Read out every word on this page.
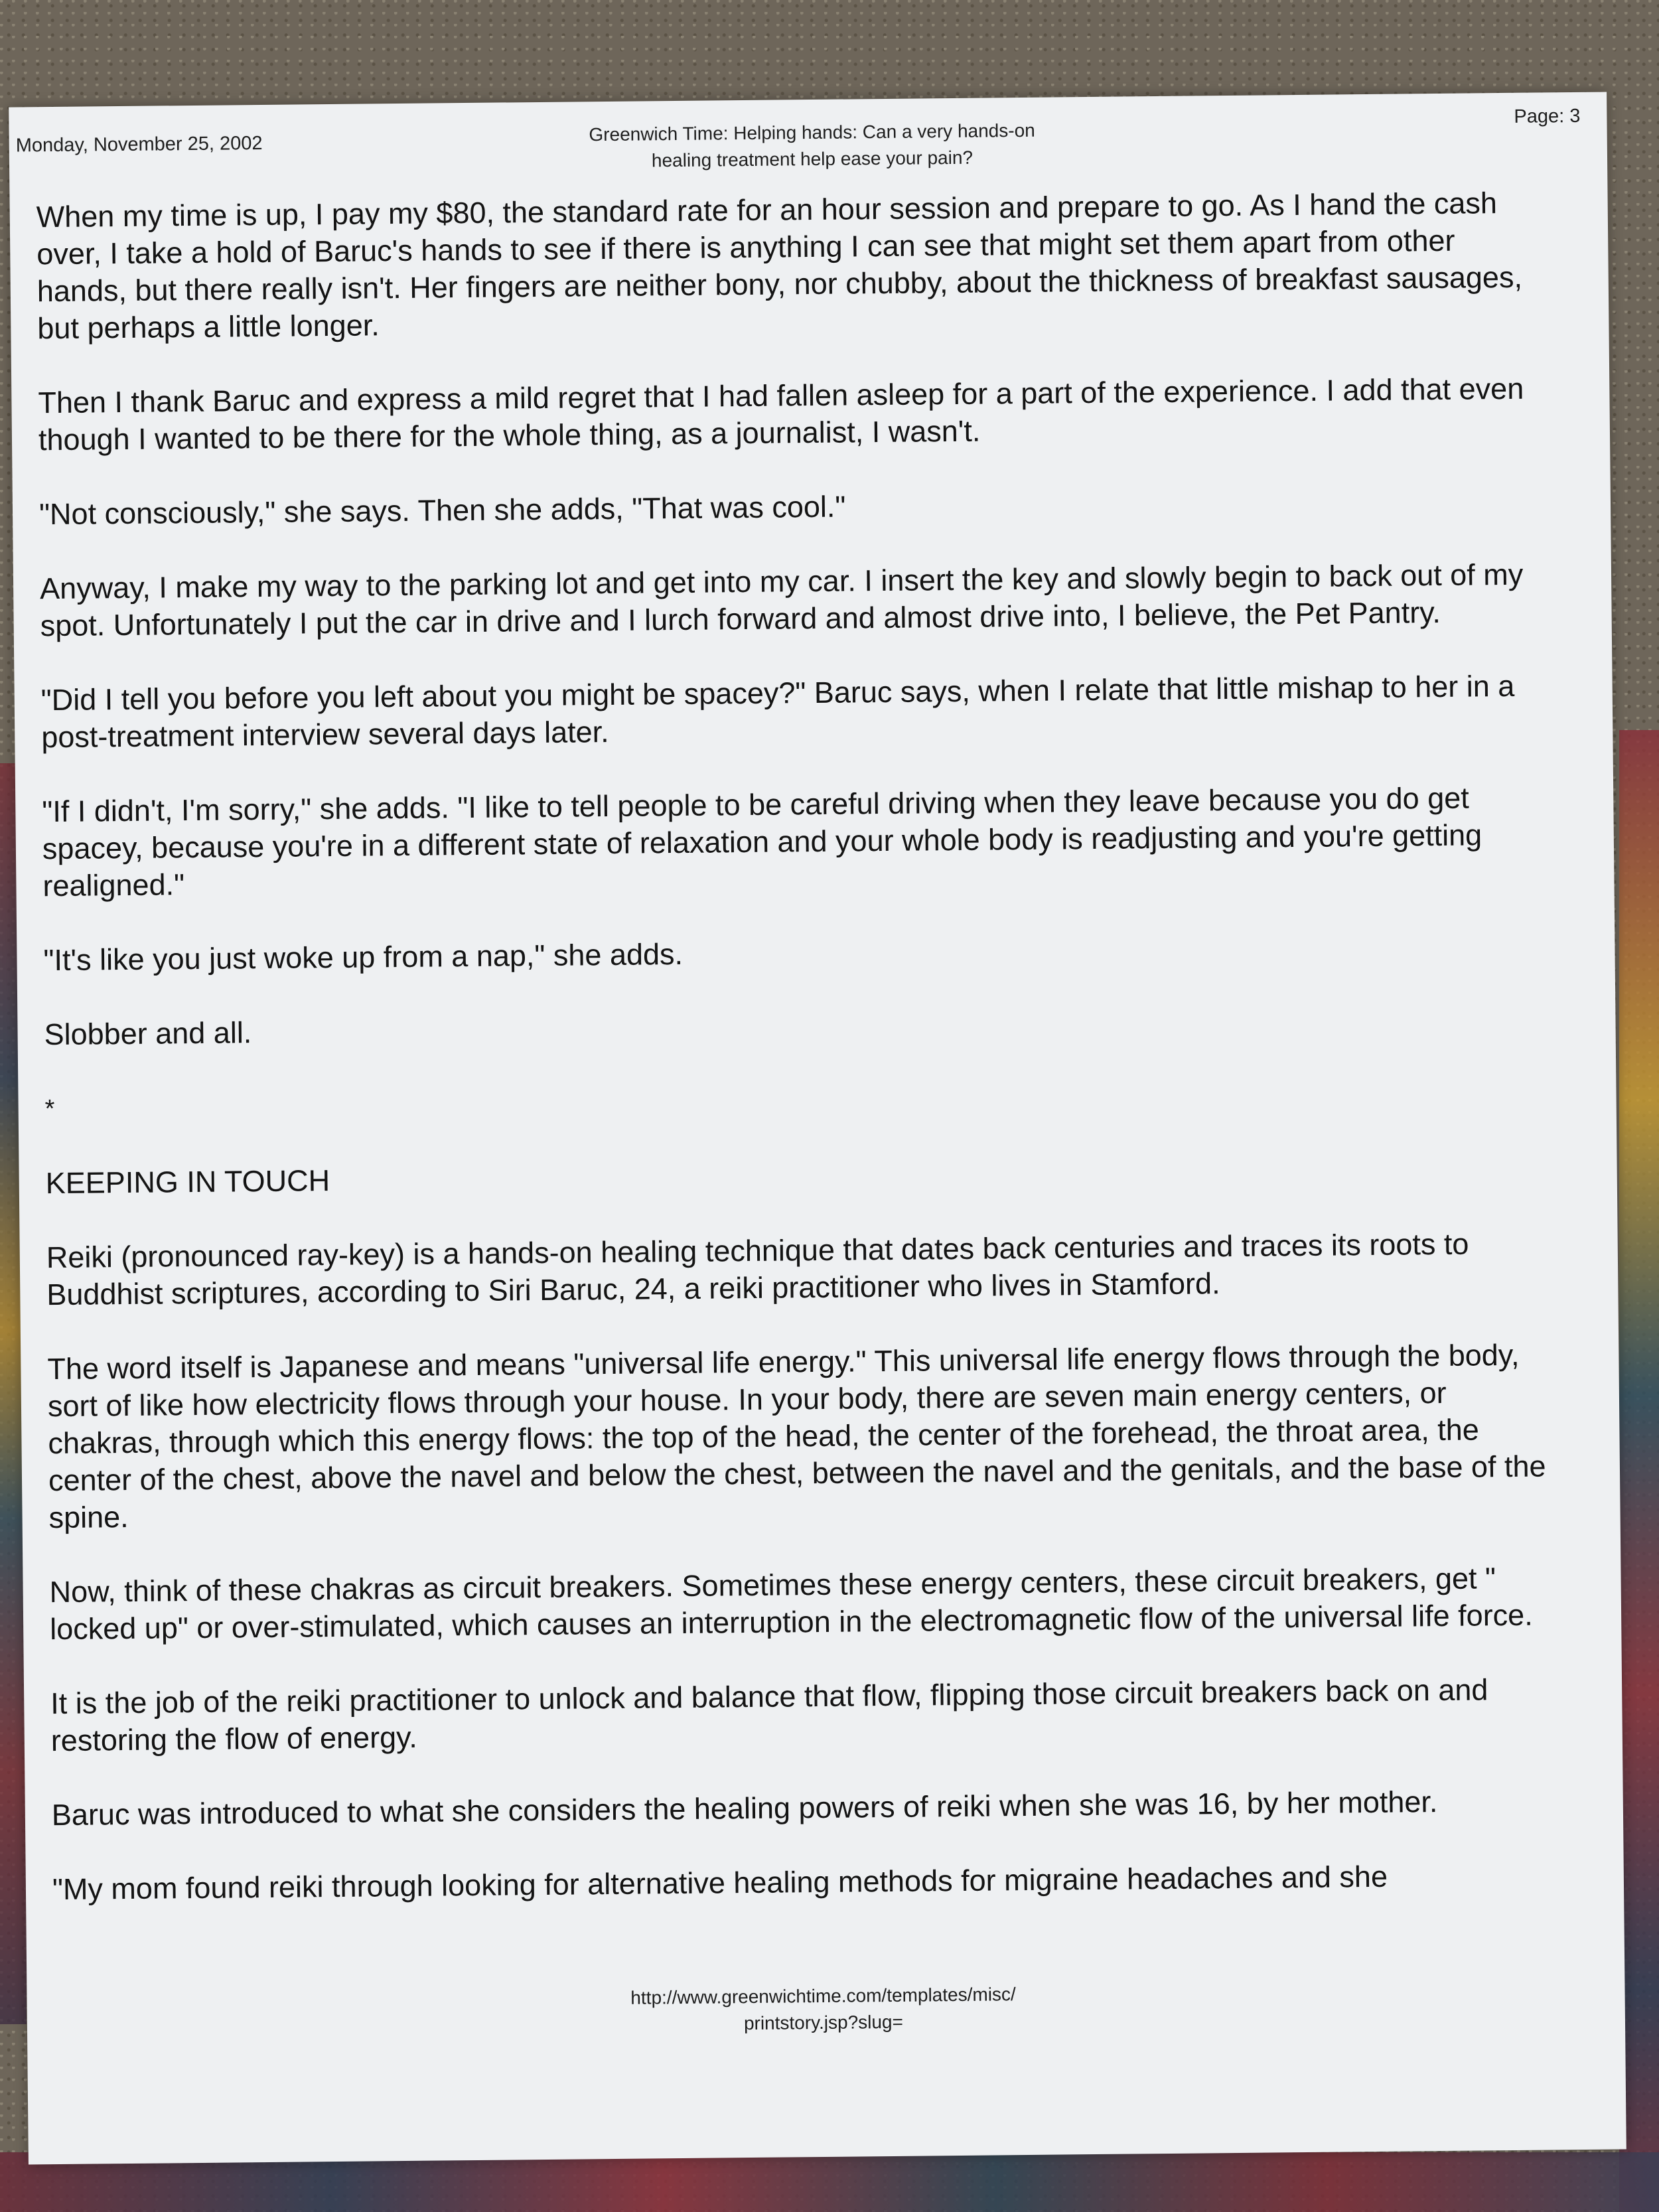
Monday, November 25, 2002	Greenwich Time: Helping hands: Can a very hands-on
healing treatment help ease your pain?
Page: 3

When my time is up, I pay my $80, the standard rate for an hour session and prepare to go. As I hand the cash over, I take a hold of Baruc's hands to see if there is anything I can see that might set them apart from other hands, but there really isn't. Her fingers are neither bony, nor chubby, about the thickness of breakfast sausages, but perhaps a little longer.

Then I thank Baruc and express a mild regret that I had fallen asleep for a part of the experience. I add that even though I wanted to be there for the whole thing, as a journalist, I wasn't.

"Not consciously," she says. Then she adds, "That was cool."

Anyway, I make my way to the parking lot and get into my car. I insert the key and slowly begin to back out of my spot. Unfortunately I put the car in drive and I lurch forward and almost drive into, I believe, the Pet Pantry.

"Did I tell you before you left about you might be spacey?" Baruc says, when I relate that little mishap to her in a post-treatment interview several days later.

"If I didn't, I'm sorry," she adds. "I like to tell people to be careful driving when they leave because you do get spacey, because you're in a different state of relaxation and your whole body is readjusting and you're getting realigned."

"It's like you just woke up from a nap," she adds.

Slobber and all.

*

KEEPING IN TOUCH

Reiki (pronounced ray-key) is a hands-on healing technique that dates back centuries and traces its roots to Buddhist scriptures, according to Siri Baruc, 24, a reiki practitioner who lives in Stamford.

The word itself is Japanese and means "universal life energy." This universal life energy flows through the body, sort of like how electricity flows through your house. In your body, there are seven main energy centers, or chakras, through which this energy flows: the top of the head, the center of the forehead, the throat area, the center of the chest, above the navel and below the chest, between the navel and the genitals, and the base of the spine.

Now, think of these chakras as circuit breakers. Sometimes these energy centers, these circuit breakers, get " locked up" or over-stimulated, which causes an interruption in the electromagnetic flow of the universal life force.

It is the job of the reiki practitioner to unlock and balance that flow, flipping those circuit breakers back on and restoring the flow of energy.

Baruc was introduced to what she considers the healing powers of reiki when she was 16, by her mother.

"My mom found reiki through looking for alternative healing methods for migraine headaches and she

http://www.greenwichtime.com/templates/misc/
printstory.jsp?slug=
